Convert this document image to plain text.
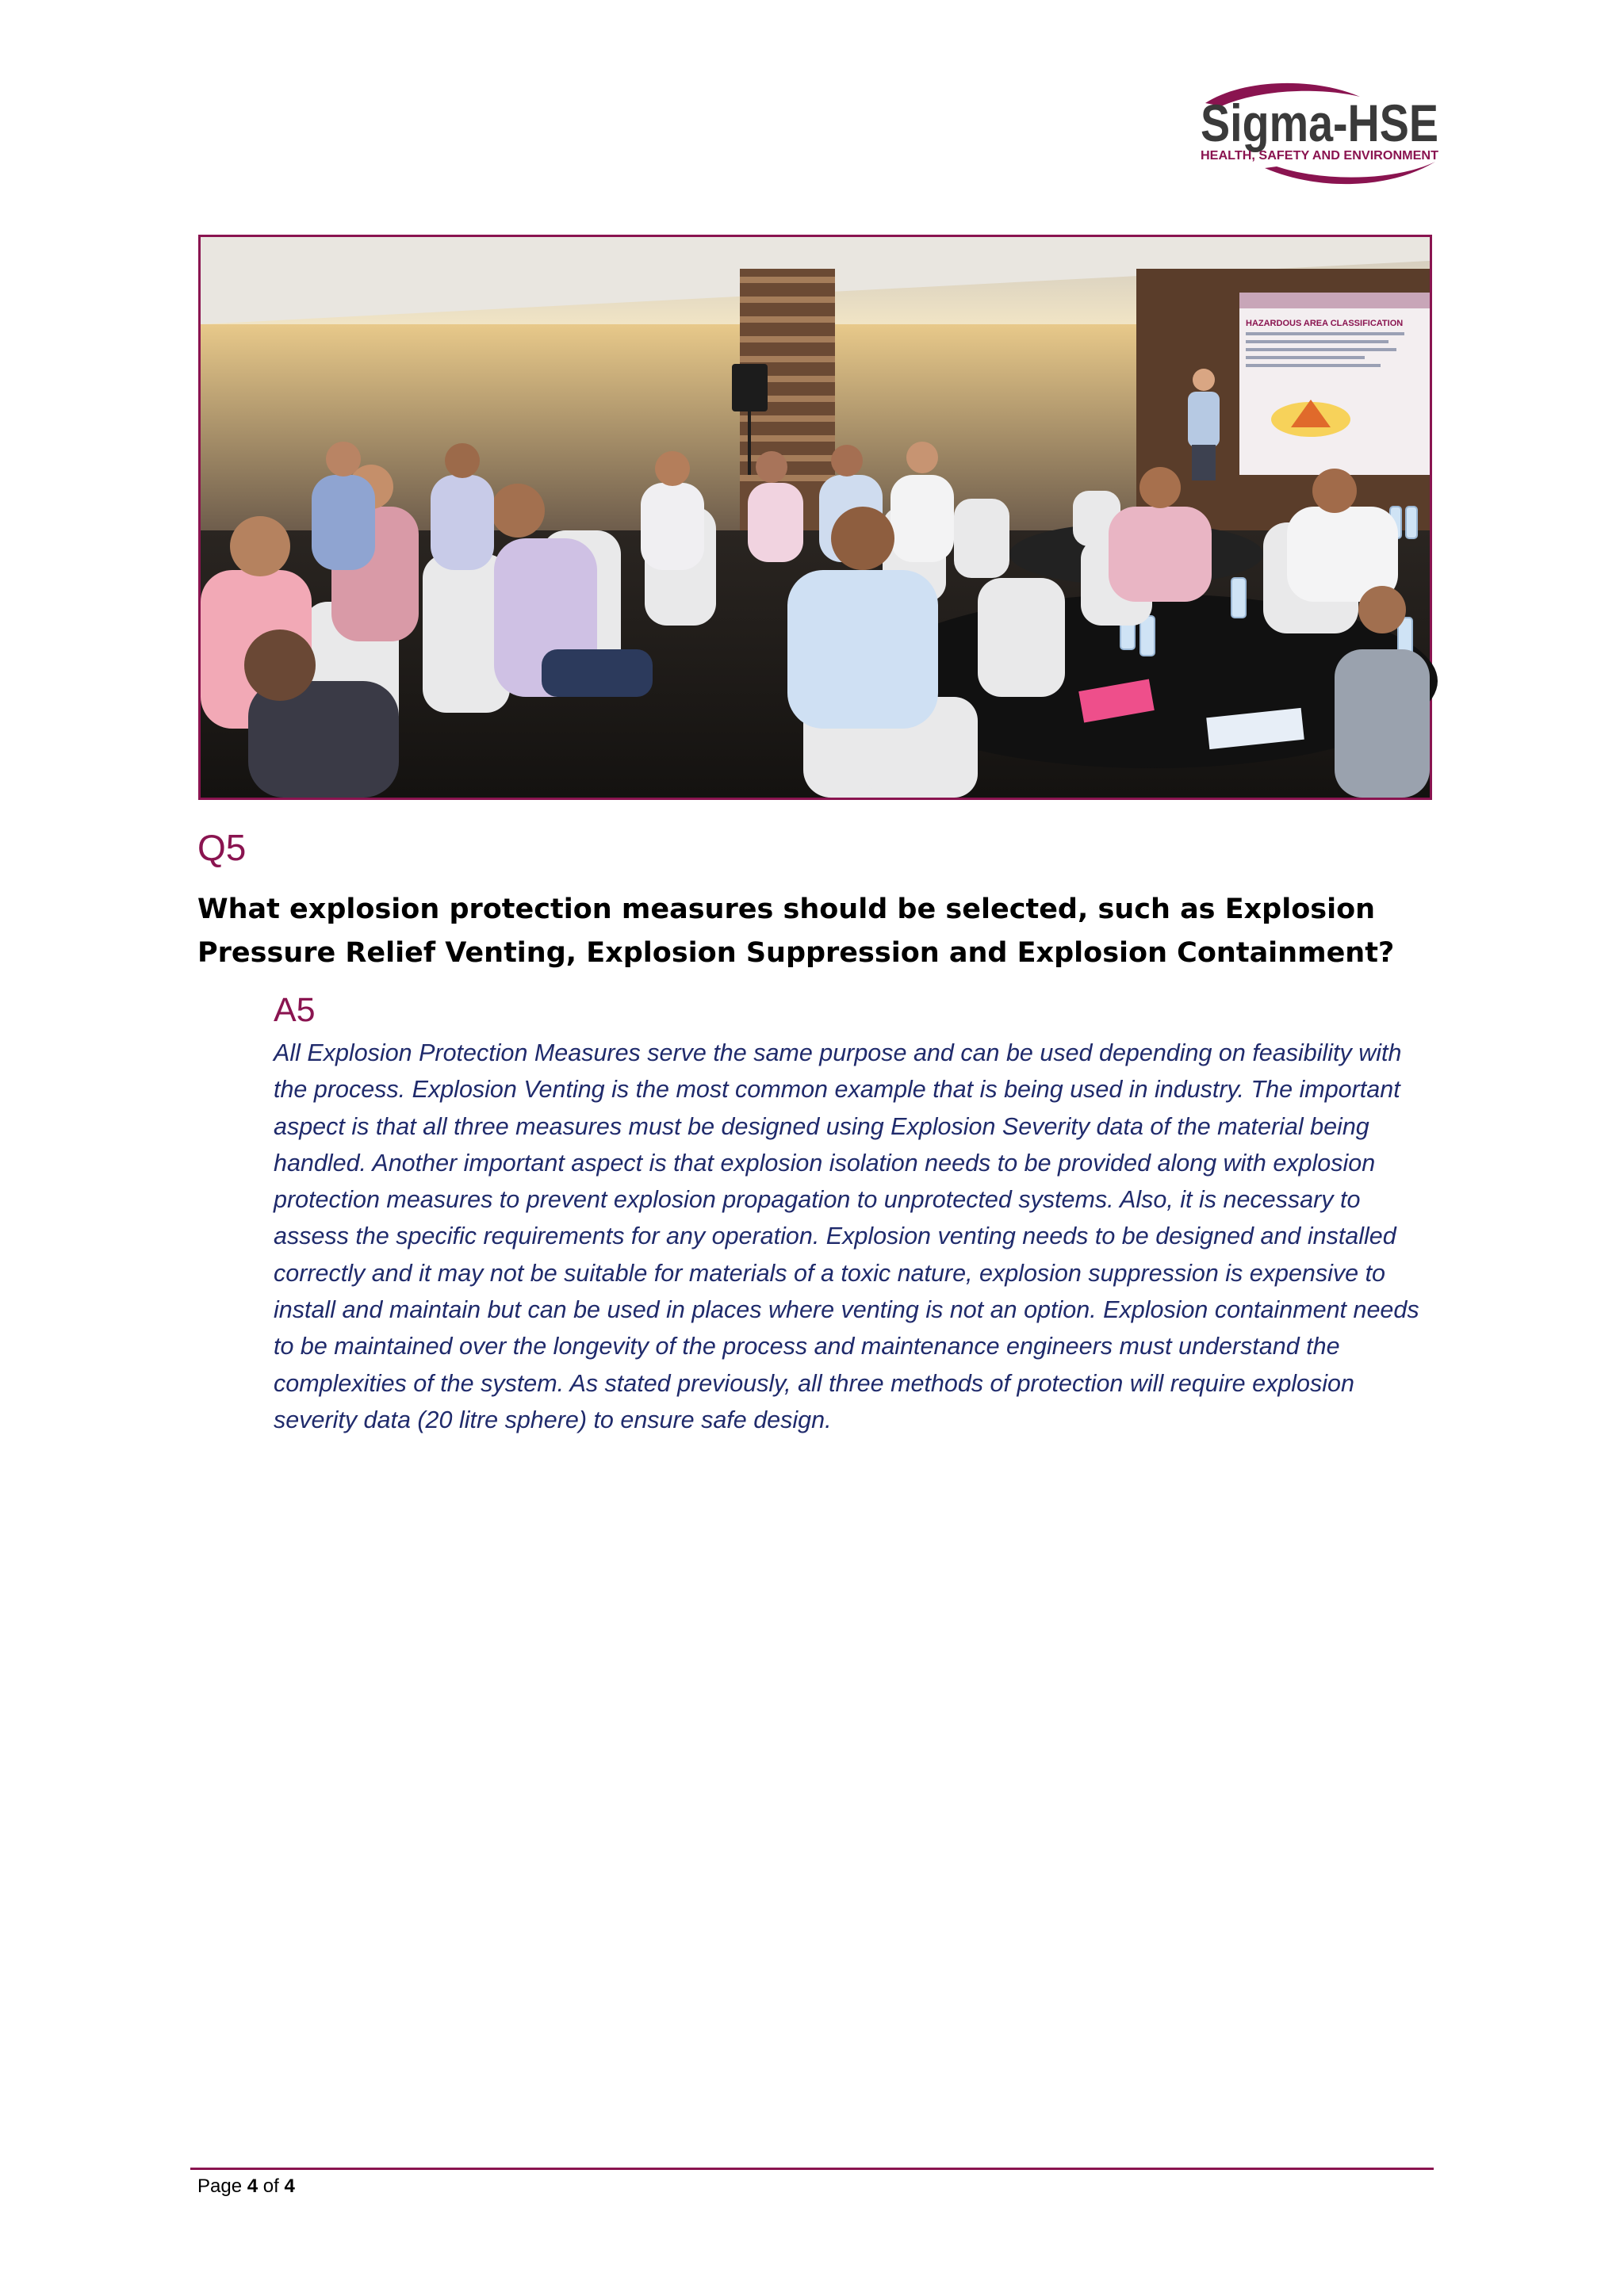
Sigma-HSE
HEALTH, SAFETY AND ENVIRONMENT
HAZARDOUS AREA CLASSIFICATION
Q5

What explosion protection measures should be selected, such as Explosion Pressure Relief Venting, Explosion Suppression and Explosion Containment?

A5

All Explosion Protection Measures serve the same purpose and can be used depending on feasibility with the process. Explosion Venting is the most common example that is being used in industry. The important aspect is that all three measures must be designed using Explosion Severity data of the material being handled. Another important aspect is that explosion isolation needs to be provided along with explosion protection measures to prevent explosion propagation to unprotected systems. Also, it is necessary to assess the specific requirements for any operation. Explosion venting needs to be designed and installed correctly and it may not be suitable for materials of a toxic nature, explosion suppression is expensive to install and maintain but can be used in places where venting is not an option. Explosion containment needs to be maintained over the longevity of the process and maintenance engineers must understand the complexities of the system. As stated previously, all three methods of protection will require explosion severity data (20 litre sphere) to ensure safe design.

Page 4 of 4
